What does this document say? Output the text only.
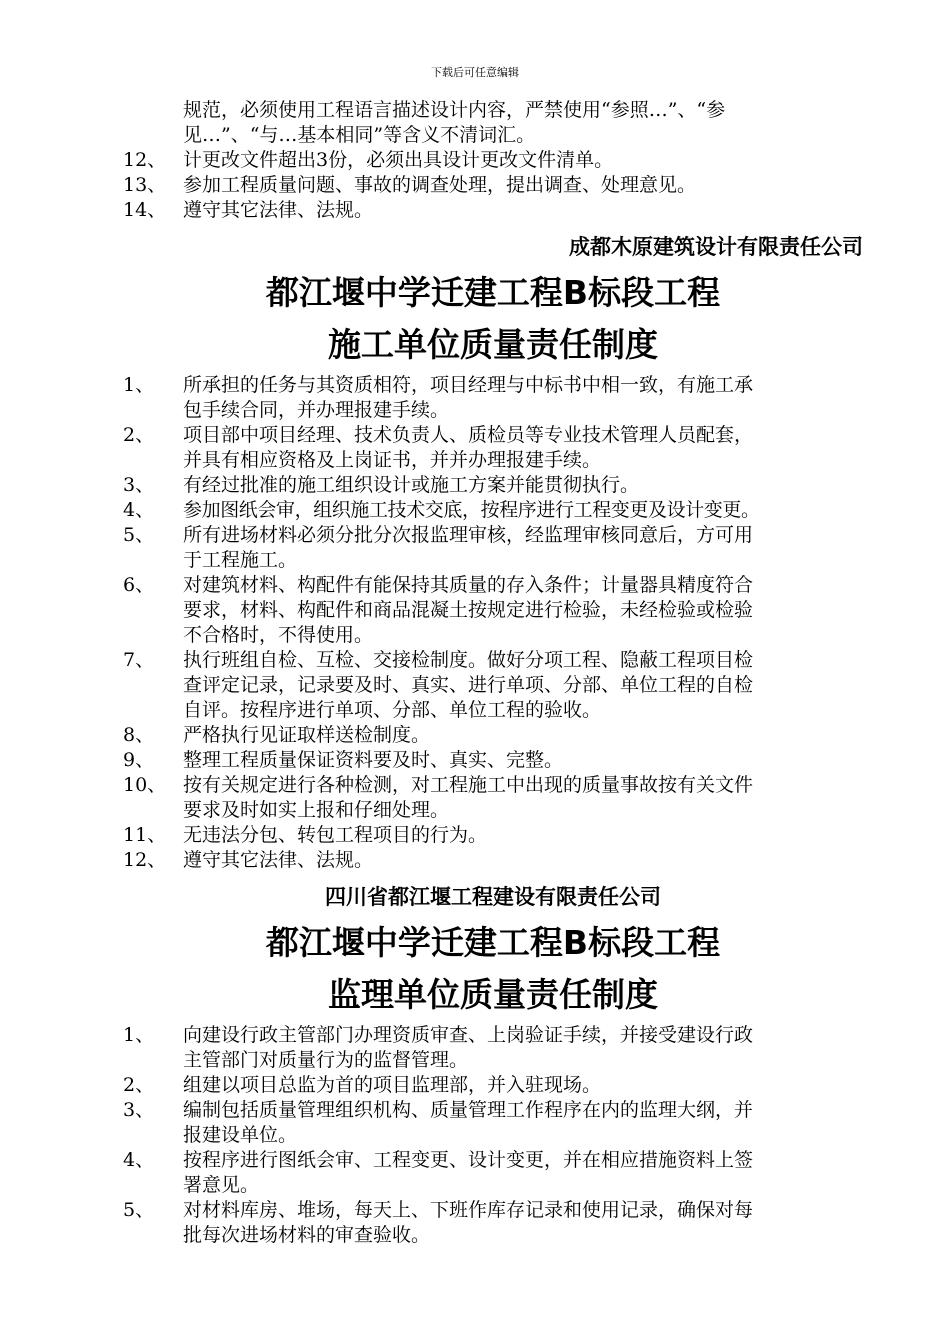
下载后可任意编辑
规范，必须使用工程语言描述设计内容，严禁使用“参照…”、“参
见…”、“与…基本相同”等含义不清词汇。
12、 计更改文件超出3份，必须出具设计更改文件清单。
13、 参加工程质量问题、事故的调查处理，提出调查、处理意见。
14、 遵守其它法律、法规。
成都木原建筑设计有限责任公司
都江堰中学迁建工程B标段工程
施工单位质量责任制度
1、	所承担的任务与其资质相符，项目经理与中标书中相一致，有施工承
包手续合同，并办理报建手续。
2、	项目部中项目经理、技术负责人、质检员等专业技术管理人员配套，
并具有相应资格及上岗证书，并并办理报建手续。
3、	有经过批准的施工组织设计或施工方案并能贯彻执行。
4、	参加图纸会审，组织施工技术交底，按程序进行工程变更及设计变更。
5、	所有进场材料必须分批分次报监理审核，经监理审核同意后，方可用
于工程施工。
6、	对建筑材料、构配件有能保持其质量的存入条件；计量器具精度符合
要求，材料、构配件和商品混凝土按规定进行检验，未经检验或检验
不合格时，不得使用。
7、	执行班组自检、互检、交接检制度。做好分项工程、隐蔽工程项目检
查评定记录，记录要及时、真实、进行单项、分部、单位工程的自检
自评。按程序进行单项、分部、单位工程的验收。
8、	严格执行见证取样送检制度。
9、	整理工程质量保证资料要及时、真实、完整。
10、 按有关规定进行各种检测，对工程施工中出现的质量事故按有关文件
要求及时如实上报和仔细处理。
11、 无违法分包、转包工程项目的行为。
12、 遵守其它法律、法规。
四川省都江堰工程建设有限责任公司
都江堰中学迁建工程B标段工程
监理单位质量责任制度
1、	向建设行政主管部门办理资质审查、上岗验证手续，并接受建设行政
主管部门对质量行为的监督管理。
2、	组建以项目总监为首的项目监理部，并入驻现场。
3、	编制包括质量管理组织机构、质量管理工作程序在内的监理大纲，并
报建设单位。
4、	按程序进行图纸会审、工程变更、设计变更，并在相应措施资料上签
署意见。
5、	对材料库房、堆场，每天上、下班作库存记录和使用记录，确保对每
批每次进场材料的审查验收。
